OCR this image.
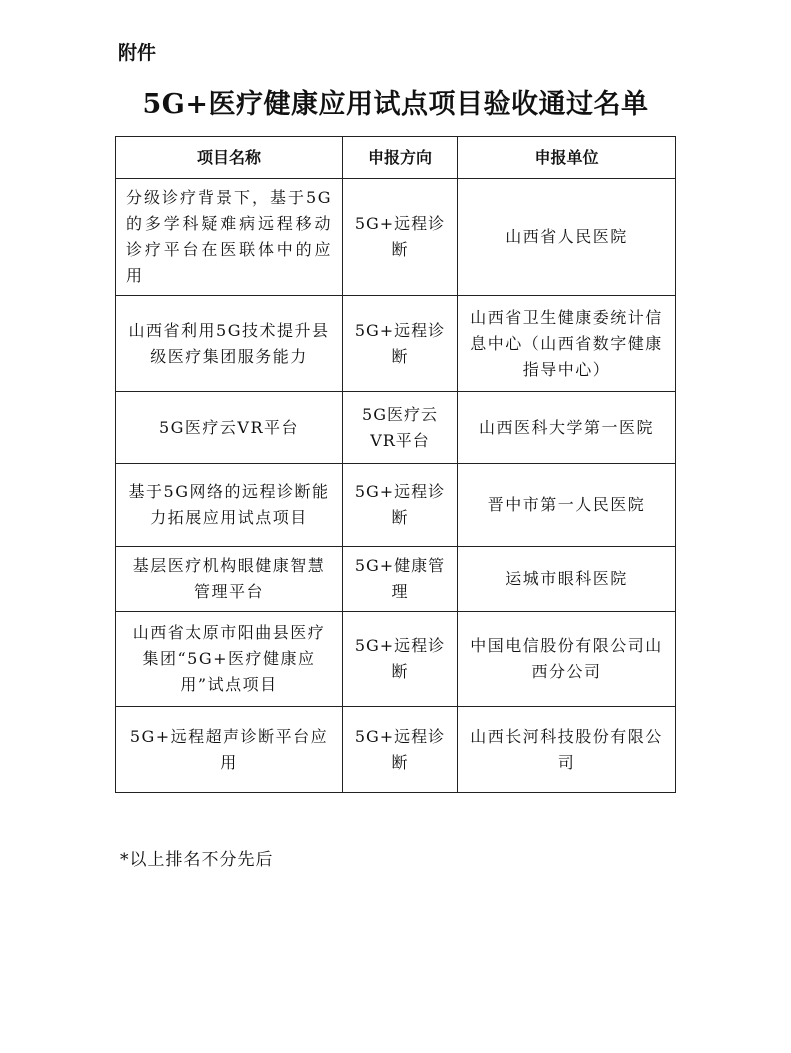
附件
5G+医疗健康应用试点项目验收通过名单
项目名称	申报方向	申报单位
分级诊疗背景下，基于5G的多学科疑难病远程移动诊疗平台在医联体中的应用	5G+远程诊断	山西省人民医院
山西省利用5G技术提升县级医疗集团服务能力	5G+远程诊断	山西省卫生健康委统计信息中心（山西省数字健康指导中心）
5G医疗云VR平台	5G医疗云VR平台	山西医科大学第一医院
基于5G网络的远程诊断能力拓展应用试点项目	5G+远程诊断	晋中市第一人民医院
基层医疗机构眼健康智慧管理平台	5G+健康管理	运城市眼科医院
山西省太原市阳曲县医疗集团“5G+医疗健康应用”试点项目	5G+远程诊断	中国电信股份有限公司山西分公司
5G+远程超声诊断平台应用	5G+远程诊断	山西长河科技股份有限公司
*以上排名不分先后
